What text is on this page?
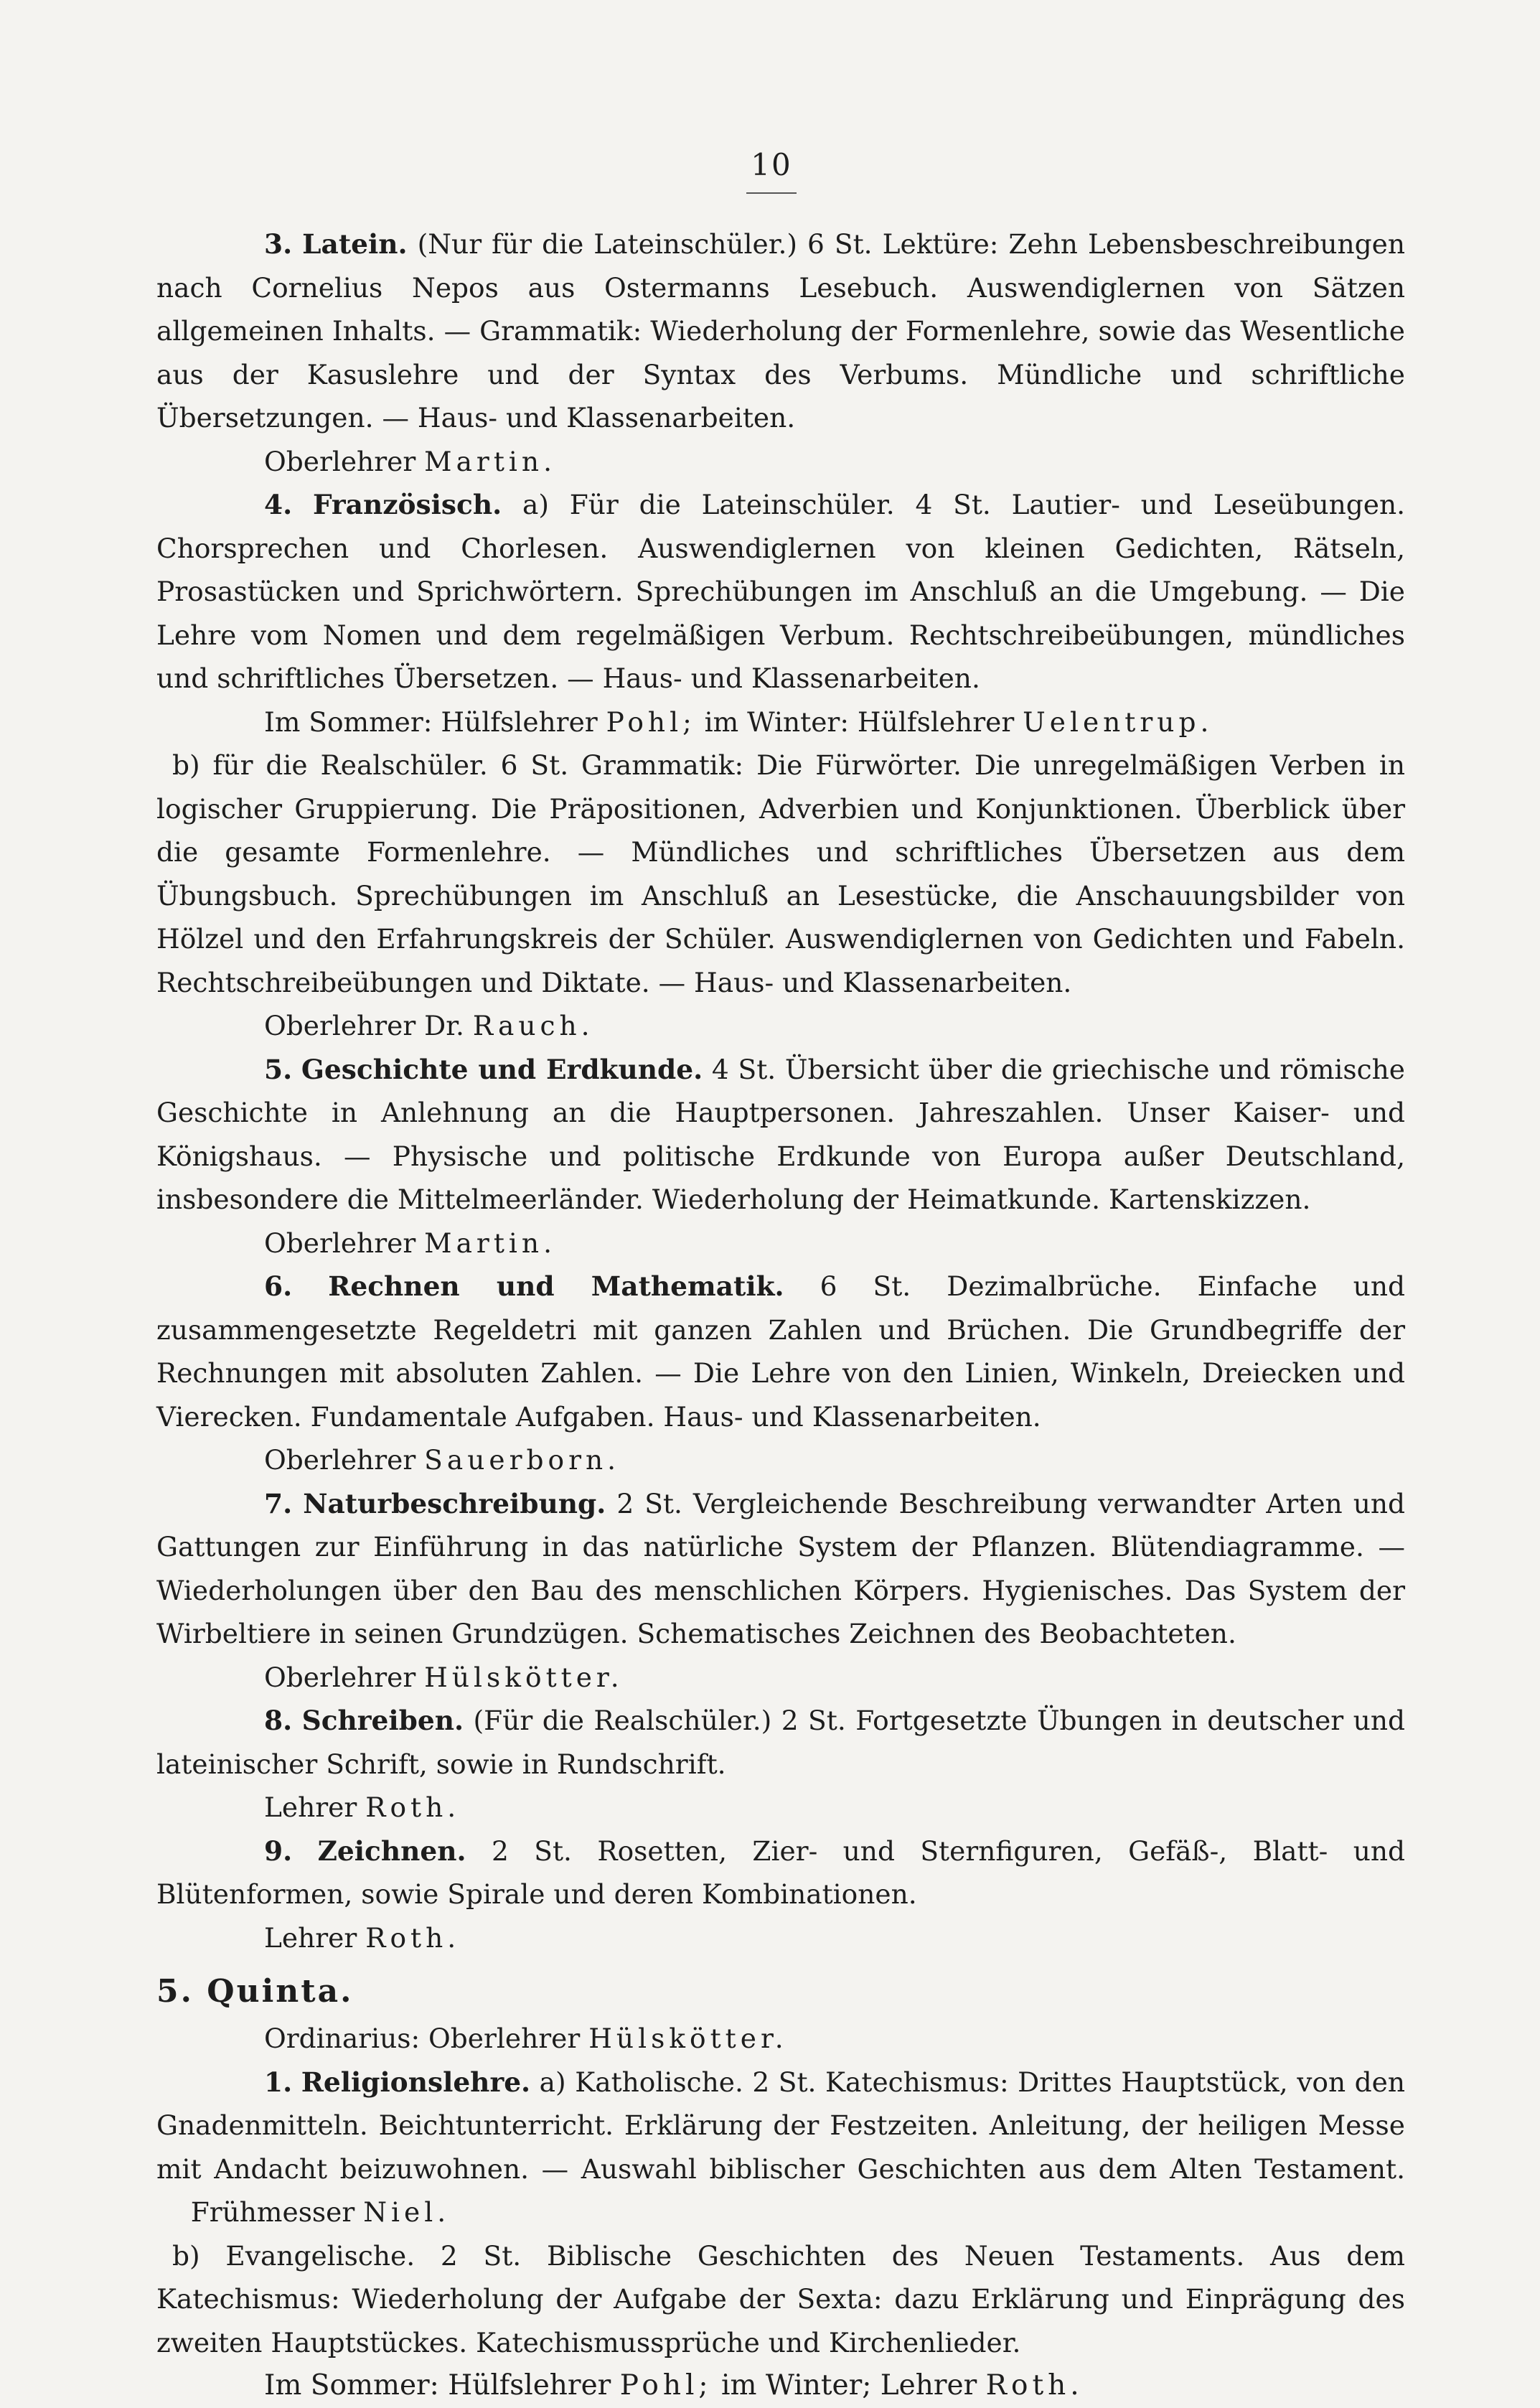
10

3. Latein. (Nur für die Lateinschüler.) 6 St. Lektüre: Zehn Lebensbeschreibungen nach Cornelius Nepos aus Ostermanns Lesebuch. Auswendiglernen von Sätzen allgemeinen Inhalts. — Grammatik: Wiederholung der Formenlehre, sowie das Wesentliche aus der Kasuslehre und der Syntax des Verbums. Mündliche und schriftliche Übersetzungen. — Haus- und Klassenarbeiten.

Oberlehrer Martin.

4. Französisch. a) Für die Lateinschüler. 4 St. Lautier- und Leseübungen. Chorsprechen und Chorlesen. Auswendiglernen von kleinen Gedichten, Rätseln, Prosastücken und Sprichwörtern. Sprechübungen im Anschluß an die Umgebung. — Die Lehre vom Nomen und dem regelmäßigen Verbum. Rechtschreibeübungen, mündliches und schriftliches Übersetzen. — Haus- und Klassenarbeiten.

Im Sommer: Hülfslehrer Pohl; im Winter: Hülfslehrer Uelentrup.

b) für die Realschüler. 6 St. Grammatik: Die Fürwörter. Die unregelmäßigen Verben in logischer Gruppierung. Die Präpositionen, Adverbien und Konjunktionen. Überblick über die gesamte Formenlehre. — Mündliches und schriftliches Übersetzen aus dem Übungsbuch. Sprechübungen im Anschluß an Lesestücke, die Anschauungsbilder von Hölzel und den Erfahrungskreis der Schüler. Auswendiglernen von Gedichten und Fabeln. Rechtschreibeübungen und Diktate. — Haus- und Klassenarbeiten.

Oberlehrer Dr. Rauch.

5. Geschichte und Erdkunde. 4 St. Übersicht über die griechische und römische Geschichte in Anlehnung an die Hauptpersonen. Jahreszahlen. Unser Kaiser- und Königshaus. — Physische und politische Erdkunde von Europa außer Deutschland, insbesondere die Mittelmeerländer. Wiederholung der Heimatkunde. Kartenskizzen.

Oberlehrer Martin.

6. Rechnen und Mathematik. 6 St. Dezimalbrüche. Einfache und zusammengesetzte Regeldetri mit ganzen Zahlen und Brüchen. Die Grundbegriffe der Rechnungen mit absoluten Zahlen. — Die Lehre von den Linien, Winkeln, Dreiecken und Vierecken. Fundamentale Aufgaben. Haus- und Klassenarbeiten.

Oberlehrer Sauerborn.

7. Naturbeschreibung. 2 St. Vergleichende Beschreibung verwandter Arten und Gattungen zur Einführung in das natürliche System der Pflanzen. Blütendiagramme. — Wiederholungen über den Bau des menschlichen Körpers. Hygienisches. Das System der Wirbeltiere in seinen Grundzügen. Schematisches Zeichnen des Beobachteten.

Oberlehrer Hülskötter.

8. Schreiben. (Für die Realschüler.) 2 St. Fortgesetzte Übungen in deutscher und lateinischer Schrift, sowie in Rundschrift.

Lehrer Roth.

9. Zeichnen. 2 St. Rosetten, Zier- und Sternfiguren, Gefäß-, Blatt- und Blütenformen, sowie Spirale und deren Kombinationen.

Lehrer Roth.

5. Quinta.

Ordinarius: Oberlehrer Hülskötter.

1. Religionslehre. a) Katholische. 2 St. Katechismus: Drittes Hauptstück, von den Gnadenmitteln. Beichtunterricht. Erklärung der Festzeiten. Anleitung, der heiligen Messe mit Andacht beizuwohnen. — Auswahl biblischer Geschichten aus dem Alten Testament.     Frühmesser Niel.

b) Evangelische. 2 St. Biblische Geschichten des Neuen Testaments. Aus dem Katechismus: Wiederholung der Aufgabe der Sexta: dazu Erklärung und Einprägung des zweiten Hauptstückes. Katechismussprüche und Kirchenlieder.

Im Sommer: Hülfslehrer Pohl; im Winter; Lehrer Roth.
